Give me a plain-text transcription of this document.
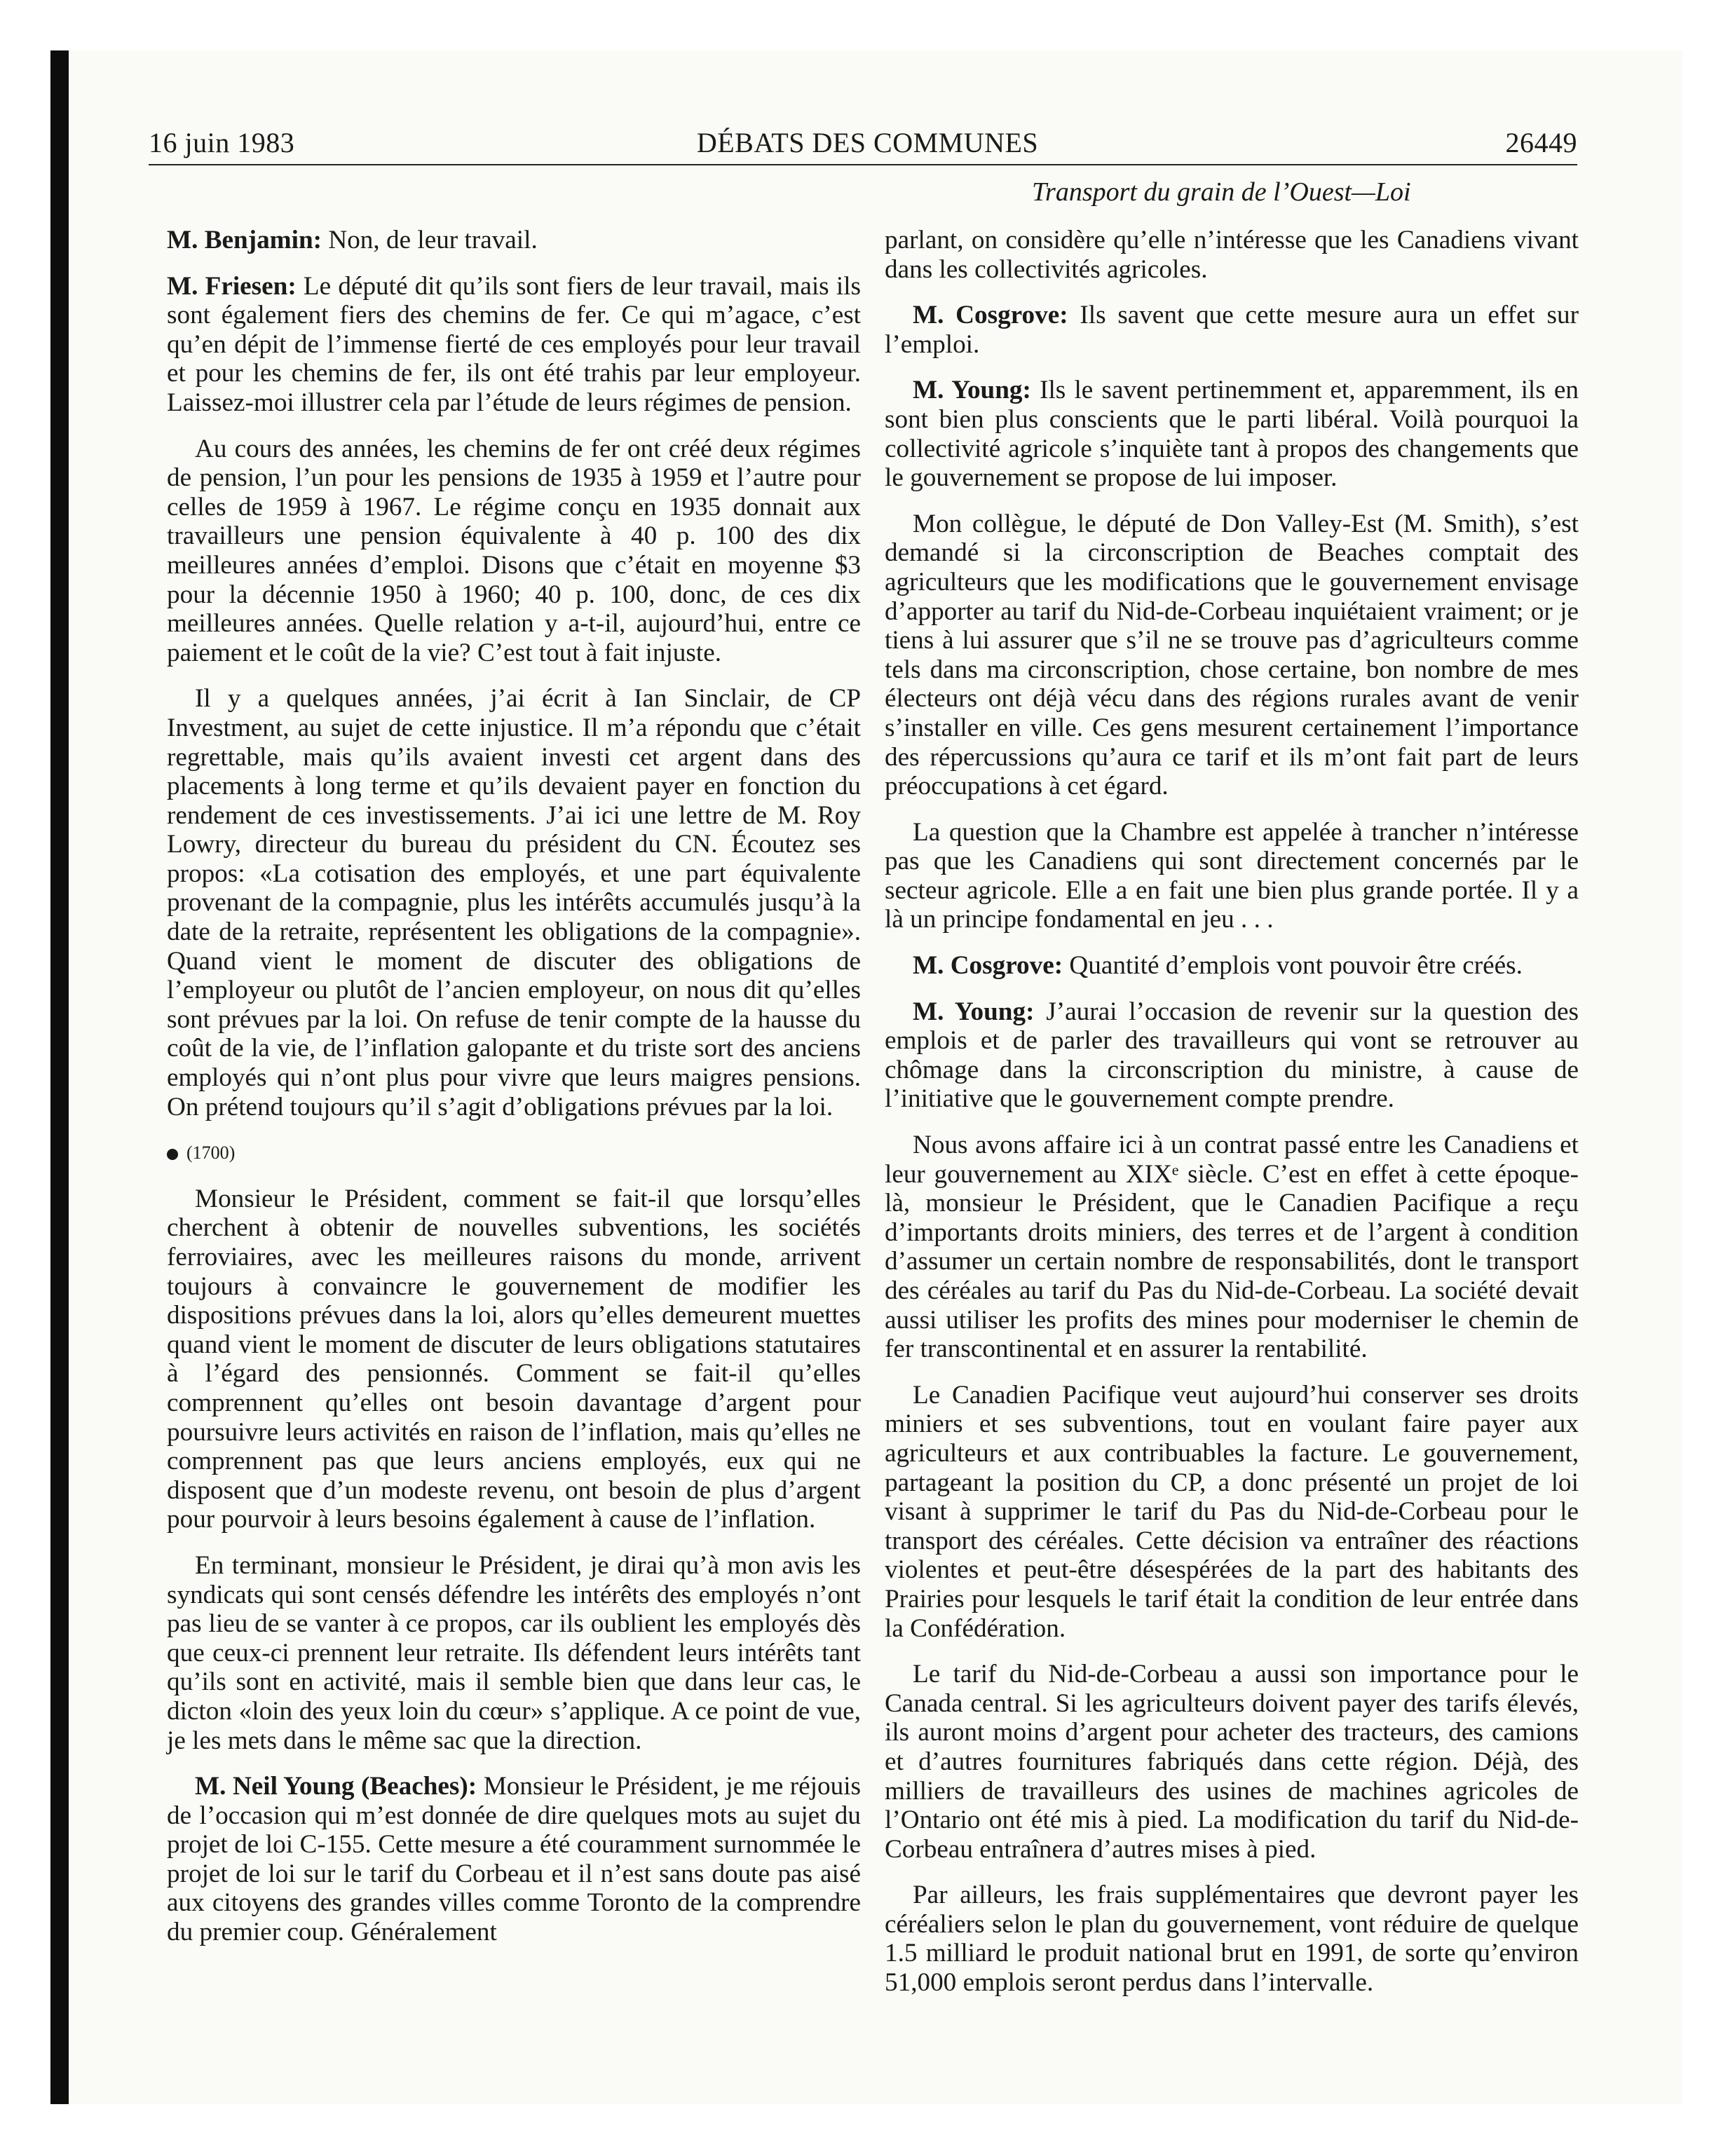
16 juin 1983	DÉBATS DES COMMUNES	26449
Transport du grain de l’Ouest—Loi

M. Benjamin: Non, de leur travail.

M. Friesen: Le député dit qu’ils sont fiers de leur travail, mais ils sont également fiers des chemins de fer. Ce qui m’agace, c’est qu’en dépit de l’immense fierté de ces employés pour leur travail et pour les chemins de fer, ils ont été trahis par leur employeur. Laissez-moi illustrer cela par l’étude de leurs régimes de pension.

Au cours des années, les chemins de fer ont créé deux régimes de pension, l’un pour les pensions de 1935 à 1959 et l’autre pour celles de 1959 à 1967. Le régime conçu en 1935 donnait aux travailleurs une pension équivalente à 40 p. 100 des dix meilleures années d’emploi. Disons que c’était en moyenne $3 pour la décennie 1950 à 1960; 40 p. 100, donc, de ces dix meilleures années. Quelle relation y a-t-il, aujourd’hui, entre ce paiement et le coût de la vie? C’est tout à fait injuste.

Il y a quelques années, j’ai écrit à Ian Sinclair, de CP Investment, au sujet de cette injustice. Il m’a répondu que c’était regrettable, mais qu’ils avaient investi cet argent dans des placements à long terme et qu’ils devaient payer en fonction du rendement de ces investissements. J’ai ici une lettre de M. Roy Lowry, directeur du bureau du président du CN. Écoutez ses propos: «La cotisation des employés, et une part équivalente provenant de la compagnie, plus les intérêts accumulés jusqu’à la date de la retraite, représentent les obligations de la compagnie». Quand vient le moment de discuter des obligations de l’employeur ou plutôt de l’ancien employeur, on nous dit qu’elles sont prévues par la loi. On refuse de tenir compte de la hausse du coût de la vie, de l’inflation galopante et du triste sort des anciens employés qui n’ont plus pour vivre que leurs maigres pensions. On prétend toujours qu’il s’agit d’obligations prévues par la loi.

(1700)

Monsieur le Président, comment se fait-il que lorsqu’elles cherchent à obtenir de nouvelles subventions, les sociétés ferroviaires, avec les meilleures raisons du monde, arrivent toujours à convaincre le gouvernement de modifier les dispositions prévues dans la loi, alors qu’elles demeurent muettes quand vient le moment de discuter de leurs obligations statutaires à l’égard des pensionnés. Comment se fait-il qu’elles comprennent qu’elles ont besoin davantage d’argent pour poursuivre leurs activités en raison de l’inflation, mais qu’elles ne comprennent pas que leurs anciens employés, eux qui ne disposent que d’un modeste revenu, ont besoin de plus d’argent pour pourvoir à leurs besoins également à cause de l’inflation.

En terminant, monsieur le Président, je dirai qu’à mon avis les syndicats qui sont censés défendre les intérêts des employés n’ont pas lieu de se vanter à ce propos, car ils oublient les employés dès que ceux-ci prennent leur retraite. Ils défendent leurs intérêts tant qu’ils sont en activité, mais il semble bien que dans leur cas, le dicton «loin des yeux loin du cœur» s’applique. A ce point de vue, je les mets dans le même sac que la direction.

M. Neil Young (Beaches): Monsieur le Président, je me réjouis de l’occasion qui m’est donnée de dire quelques mots au sujet du projet de loi C-155. Cette mesure a été couramment surnommée le projet de loi sur le tarif du Corbeau et il n’est sans doute pas aisé aux citoyens des grandes villes comme Toronto de la comprendre du premier coup. Généralement

parlant, on considère qu’elle n’intéresse que les Canadiens vivant dans les collectivités agricoles.

M. Cosgrove: Ils savent que cette mesure aura un effet sur l’emploi.

M. Young: Ils le savent pertinemment et, apparemment, ils en sont bien plus conscients que le parti libéral. Voilà pourquoi la collectivité agricole s’inquiète tant à propos des changements que le gouvernement se propose de lui imposer.

Mon collègue, le député de Don Valley-Est (M. Smith), s’est demandé si la circonscription de Beaches comptait des agriculteurs que les modifications que le gouvernement envisage d’apporter au tarif du Nid-de-Corbeau inquiétaient vraiment; or je tiens à lui assurer que s’il ne se trouve pas d’agriculteurs comme tels dans ma circonscription, chose certaine, bon nombre de mes électeurs ont déjà vécu dans des régions rurales avant de venir s’installer en ville. Ces gens mesurent certainement l’importance des répercussions qu’aura ce tarif et ils m’ont fait part de leurs préoccupations à cet égard.

La question que la Chambre est appelée à trancher n’intéresse pas que les Canadiens qui sont directement concernés par le secteur agricole. Elle a en fait une bien plus grande portée. Il y a là un principe fondamental en jeu . . .

M. Cosgrove: Quantité d’emplois vont pouvoir être créés.

M. Young: J’aurai l’occasion de revenir sur la question des emplois et de parler des travailleurs qui vont se retrouver au chômage dans la circonscription du ministre, à cause de l’initiative que le gouvernement compte prendre.

Nous avons affaire ici à un contrat passé entre les Canadiens et leur gouvernement au XIXᵉ siècle. C’est en effet à cette époque-là, monsieur le Président, que le Canadien Pacifique a reçu d’importants droits miniers, des terres et de l’argent à condition d’assumer un certain nombre de responsabilités, dont le transport des céréales au tarif du Pas du Nid-de-Corbeau. La société devait aussi utiliser les profits des mines pour moderniser le chemin de fer transcontinental et en assurer la rentabilité.

Le Canadien Pacifique veut aujourd’hui conserver ses droits miniers et ses subventions, tout en voulant faire payer aux agriculteurs et aux contribuables la facture. Le gouvernement, partageant la position du CP, a donc présenté un projet de loi visant à supprimer le tarif du Pas du Nid-de-Corbeau pour le transport des céréales. Cette décision va entraîner des réactions violentes et peut-être désespérées de la part des habitants des Prairies pour lesquels le tarif était la condition de leur entrée dans la Confédération.

Le tarif du Nid-de-Corbeau a aussi son importance pour le Canada central. Si les agriculteurs doivent payer des tarifs élevés, ils auront moins d’argent pour acheter des tracteurs, des camions et d’autres fournitures fabriqués dans cette région. Déjà, des milliers de travailleurs des usines de machines agricoles de l’Ontario ont été mis à pied. La modification du tarif du Nid-de-Corbeau entraînera d’autres mises à pied.

Par ailleurs, les frais supplémentaires que devront payer les céréaliers selon le plan du gouvernement, vont réduire de quelque 1.5 milliard le produit national brut en 1991, de sorte qu’environ 51,000 emplois seront perdus dans l’intervalle.
